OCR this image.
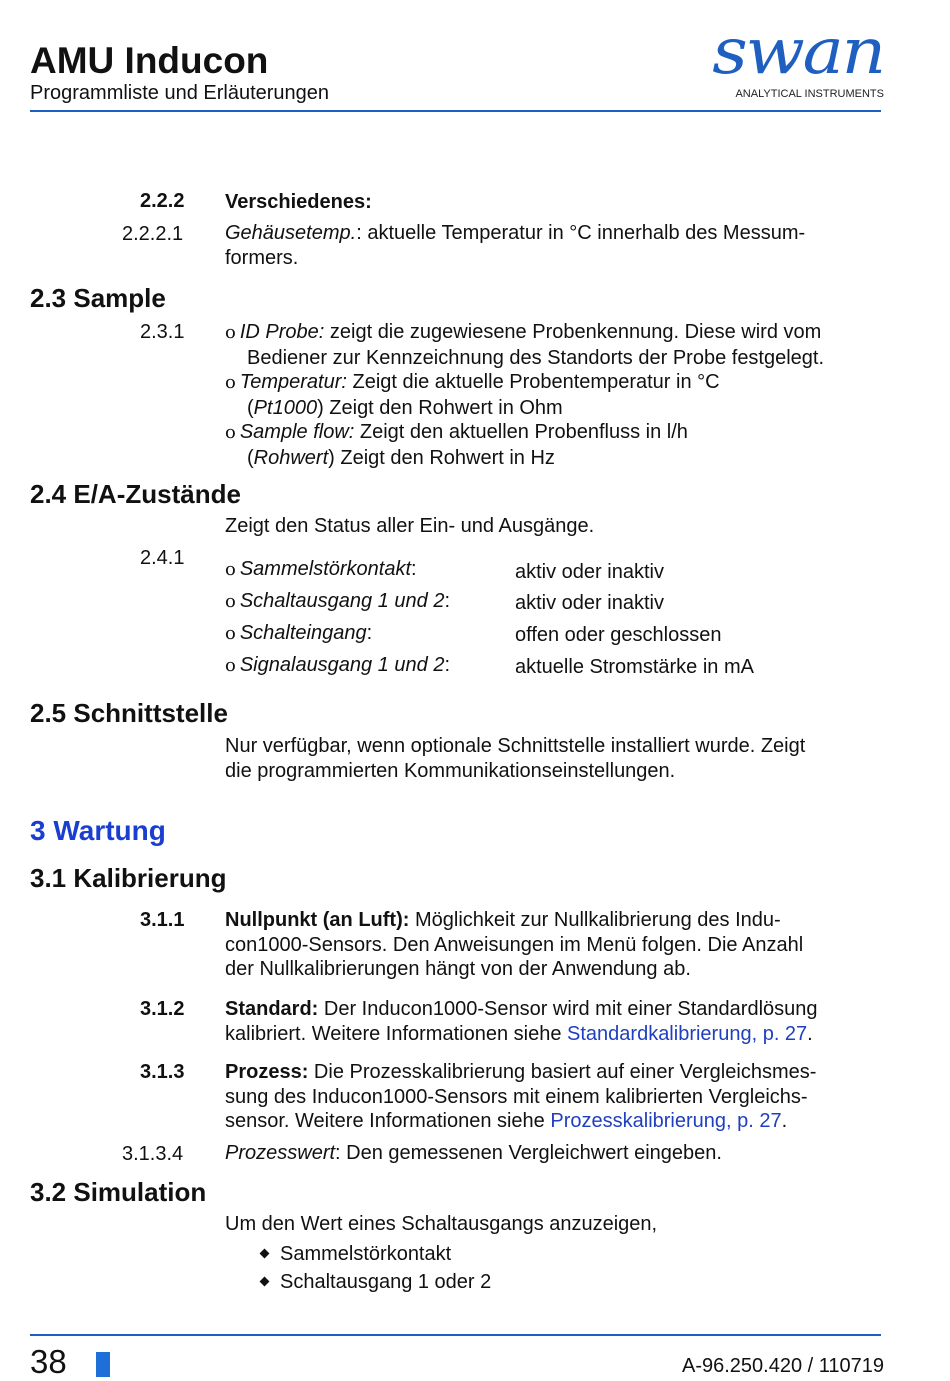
AMU Inducon
Programmliste und Erläuterungen
swan
ANALYTICAL INSTRUMENTS
2.2.2 Verschiedenes:
2.2.2.1 Gehäusetemp.: aktuelle Temperatur in °C innerhalb des Messum-
formers.
2.3 Sample
2.3.1 o ID Probe: zeigt die zugewiesene Probenkennung. Diese wird vom
Bediener zur Kennzeichnung des Standorts der Probe festgelegt.
o Temperatur: Zeigt die aktuelle Probentemperatur in °C
(Pt1000) Zeigt den Rohwert in Ohm
o Sample flow: Zeigt den aktuellen Probenfluss in l/h
(Rohwert) Zeigt den Rohwert in Hz
2.4 E/A-Zustände
Zeigt den Status aller Ein- und Ausgänge.
2.4.1
o Sammelstörkontakt:	aktiv oder inaktiv
o Schaltausgang 1 und 2:	aktiv oder inaktiv
o Schalteingang:	offen oder geschlossen
o Signalausgang 1 und 2:	aktuelle Stromstärke in mA
2.5 Schnittstelle
Nur verfügbar, wenn optionale Schnittstelle installiert wurde. Zeigt
die programmierten Kommunikationseinstellungen.
3 Wartung
3.1 Kalibrierung
3.1.1 Nullpunkt (an Luft): Möglichkeit zur Nullkalibrierung des Indu-
con1000-Sensors. Den Anweisungen im Menü folgen. Die Anzahl
der Nullkalibrierungen hängt von der Anwendung ab.
3.1.2 Standard: Der Inducon1000-Sensor wird mit einer Standardlösung
kalibriert. Weitere Informationen siehe Standardkalibrierung, p. 27.
3.1.3 Prozess: Die Prozesskalibrierung basiert auf einer Vergleichsmes-
sung des Inducon1000-Sensors mit einem kalibrierten Vergleichs-
sensor. Weitere Informationen siehe Prozesskalibrierung, p. 27.
3.1.3.4 Prozesswert: Den gemessenen Vergleichwert eingeben.
3.2 Simulation
Um den Wert eines Schaltausgangs anzuzeigen,
Sammelstörkontakt
Schaltausgang 1 oder 2
38	A-96.250.420 / 110719
